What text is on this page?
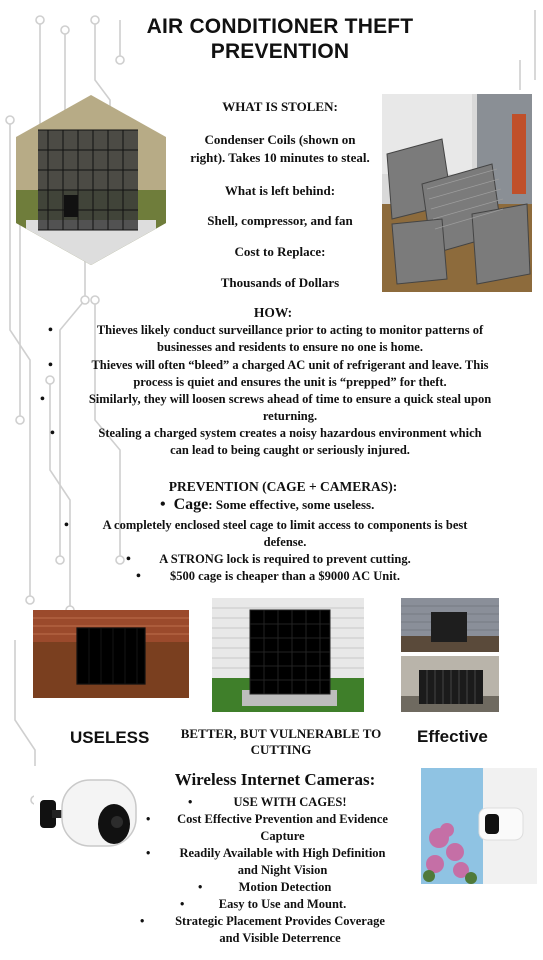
AIR CONDITIONER THEFT PREVENTION
WHAT IS STOLEN:
Condenser Coils (shown on
right). Takes 10 minutes to steal.
What is left behind:
Shell, compressor, and fan
Cost to Replace:
Thousands of Dollars
HOW:
•	Thieves likely conduct surveillance prior to acting to monitor patterns of
businesses and residents to ensure no one is home.
•	Thieves will often “bleed” a charged AC unit of refrigerant and leave. This
process is quiet and ensures the unit is “prepped” for theft.
•	Similarly, they will loosen screws ahead of time to ensure a quick steal upon
returning.
•	Stealing a charged system creates a noisy hazardous environment which
can lead to being caught or seriously injured.
PREVENTION (CAGE + CAMERAS):
• Cage: Some effective, some useless.
•	A completely enclosed steel cage to limit access to components is best
defense.
•	A STRONG lock is required to prevent cutting.
•	$500 cage is cheaper than a $9000 AC Unit.
USELESS	BETTER, BUT VULNERABLE TO
CUTTING
Effective
Wireless Internet Cameras:
•	USE WITH CAGES!
•	Cost Effective Prevention and Evidence
Capture
•	Readily Available with High Definition
and Night Vision
•	Motion Detection
•	Easy to Use and Mount.
•	Strategic Placement Provides Coverage
and Visible Deterrence
